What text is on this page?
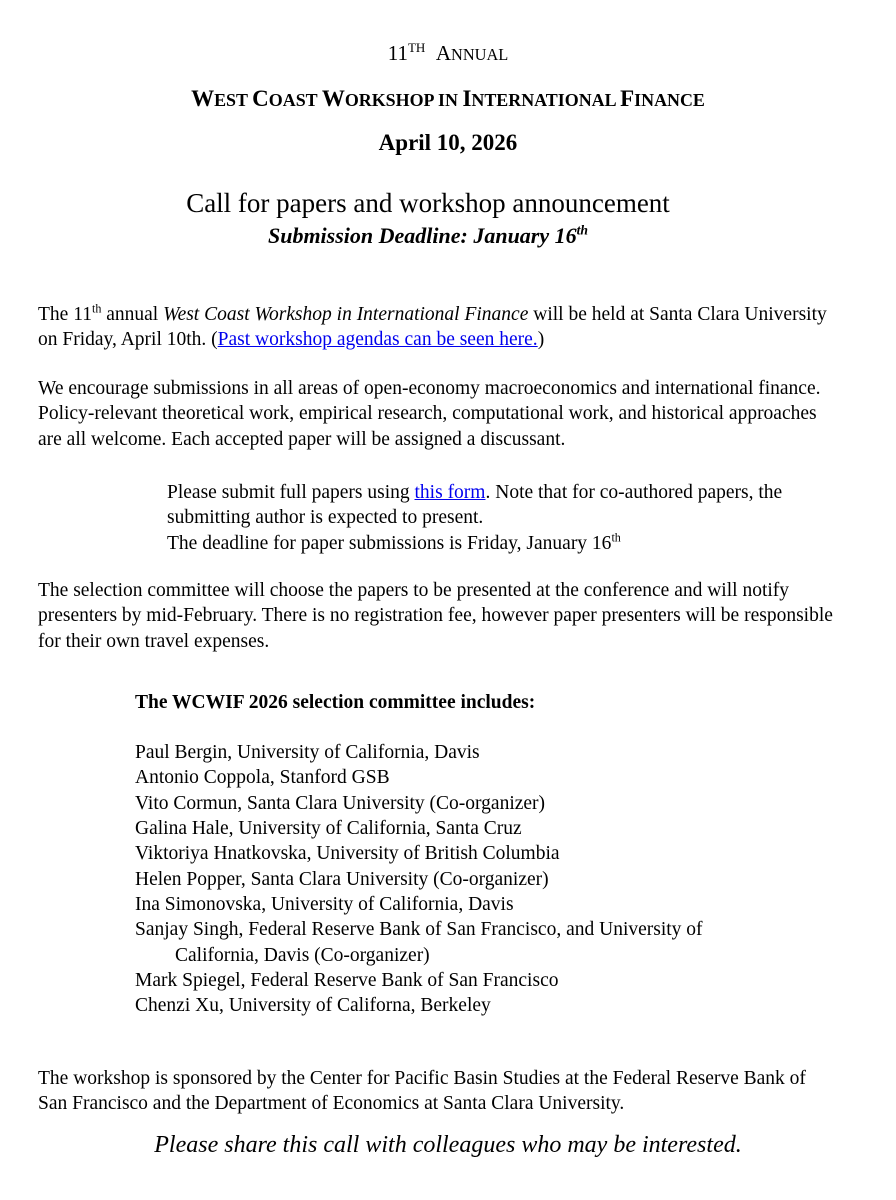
11TH ANNUAL
WEST COAST WORKSHOP IN INTERNATIONAL FINANCE
April 10, 2026
Call for papers and workshop announcement
Submission Deadline: January 16th

The 11th annual West Coast Workshop in International Finance will be held at Santa Clara University on Friday, April 10th. (Past workshop agendas can be seen here.)

We encourage submissions in all areas of open-economy macroeconomics and international finance. Policy-relevant theoretical work, empirical research, computational work, and historical approaches are all welcome. Each accepted paper will be assigned a discussant.

Please submit full papers using this form. Note that for co-authored papers, the submitting author is expected to present.
The deadline for paper submissions is Friday, January 16th

The selection committee will choose the papers to be presented at the conference and will notify presenters by mid-February. There is no registration fee, however paper presenters will be responsible for their own travel expenses.

The WCWIF 2026 selection committee includes:
Paul Bergin, University of California, Davis
Antonio Coppola, Stanford GSB
Vito Cormun, Santa Clara University (Co-organizer)
Galina Hale, University of California, Santa Cruz
Viktoriya Hnatkovska, University of British Columbia
Helen Popper, Santa Clara University (Co-organizer)
Ina Simonovska, University of California, Davis
Sanjay Singh, Federal Reserve Bank of San Francisco, and University of
California, Davis (Co-organizer)
Mark Spiegel, Federal Reserve Bank of San Francisco
Chenzi Xu, University of Californa, Berkeley

The workshop is sponsored by the Center for Pacific Basin Studies at the Federal Reserve Bank of San Francisco and the Department of Economics at Santa Clara University.

Please share this call with colleagues who may be interested.
